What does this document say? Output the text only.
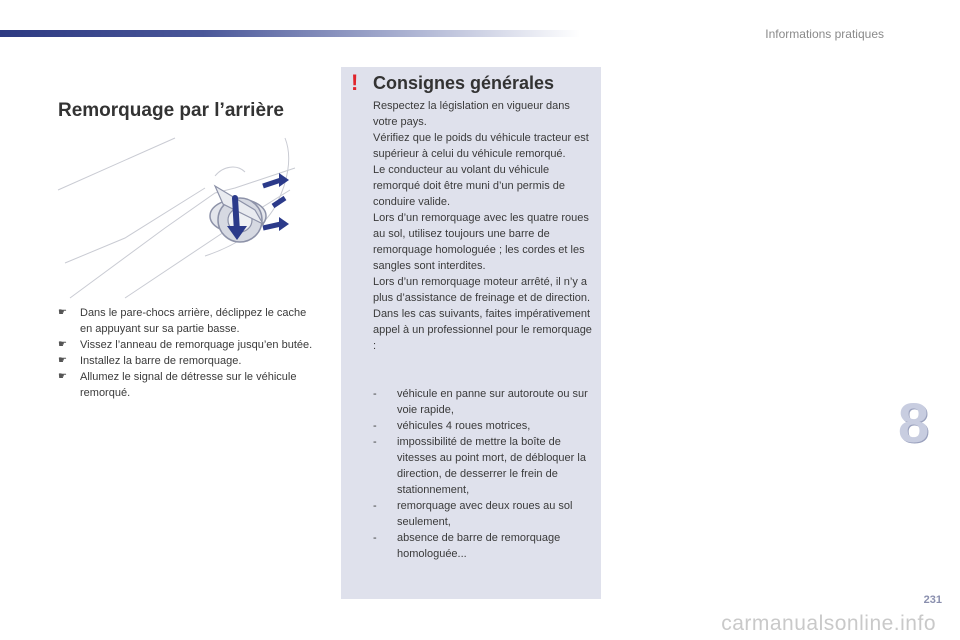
Informations pratiques
Remorquage par l’arrière
☛ Dans le pare-chocs arrière, déclippez le cache en appuyant sur sa partie basse.
☛ Vissez l’anneau de remorquage jusqu’en butée.
☛ Installez la barre de remorquage.
☛ Allumez le signal de détresse sur le véhicule remorqué.
! Consignes générales

Respectez la législation en vigueur dans votre pays.
Vérifiez que le poids du véhicule tracteur est supérieur à celui du véhicule remorqué.
Le conducteur au volant du véhicule remorqué doit être muni d’un permis de conduire valide.
Lors d’un remorquage avec les quatre roues au sol, utilisez toujours une barre de remorquage homologuée ; les cordes et les sangles sont interdites.
Lors d’un remorquage moteur arrêté, il n’y a plus d’assistance de freinage et de direction.
Dans les cas suivants, faites impérativement appel à un professionnel pour le remorquage :

- véhicule en panne sur autoroute ou sur voie rapide,
- véhicules 4 roues motrices,
- impossibilité de mettre la boîte de vitesses au point mort, de débloquer la direction, de desserrer le frein de stationnement,
- remorquage avec deux roues au sol seulement,
- absence de barre de remorquage homologuée...
8
231
carmanualsonline.info
